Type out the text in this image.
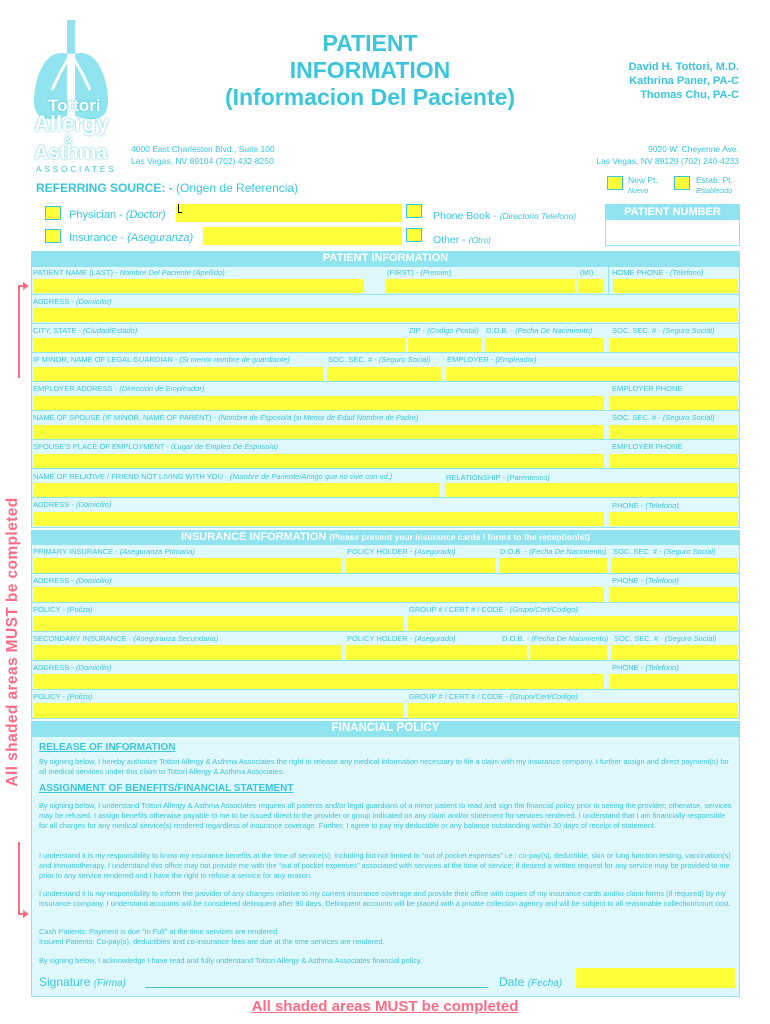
Tottori
Allergy
&
Asthma
ASSOCIATES
PATIENT
INFORMATION
(Informacion Del Paciente)
David H. Tottori, M.D.
Kathrina Paner, PA-C
Thomas Chu, PA-C
4000 East Charleston Blvd., Suite 100
Las Vegas, NV 89104 (702) 432-8250
9020 W. Cheyenne Ave.
Las Vegas, NV 89129 (702) 240-4233
REFERRING SOURCE: - (Origen de Referencia)
New Pt.
Nuevo
Estab. Pt.
Establecido
Physician - (Doctor)
Insurance - (Aseguranza)
Phone Book - (Directorio Telefono)
Other - (Otro)
PATIENT NUMBER
PATIENT INFORMATION
PATIENT NAME (LAST) - Nombre Del Paciente (Apellido)	(FIRST) - (Premier)	(MI) HOME PHONE - (Telefono)
ADDRESS - (Domicilio)
CITY, STATE - (Ciudad/Estado)	ZIP - (Codigo Postal) D.O.B. - (Fecha De Nacimiento)	SOC. SEC. # - (Seguro Social)
IF MINOR, NAME OF LEGAL GUARDIAN - (Si menor nombre de guardiante)	SOC. SEC. # - (Seguro Social) EMPLOYER - (Empleador)
EMPLOYER ADDRESS - (Direccion de Empleador)	EMPLOYER PHONE
NAME OF SPOUSE (IF MINOR, NAME OF PARENT) - (Nombre de Esposo/a (si Menor de Edad Nombre de Padre)	SOC. SEC. # - (Seguro Social)
SPOUSE'S PLACE OF EMPLOYMENT - (Lugar de Empleo De Esposo/a)	EMPLOYER PHONE
NAME OF RELATIVE / FRIEND NOT LIVING WITH YOU - (Nombre de Pariente/Amigo que no vive con ud.)	RELATIONSHIP - (Parentesco)
ADDRESS - (Domicilio)	PHONE - (Telefono)
INSURANCE INFORMATION (Please present your insurance cards / forms to the receptionist)
PRIMARY INSURANCE - (Aseguranza Primaria)	POLICY HOLDER - (Asegurado)	D.O.B. - (Fecha De Nacimiento) SOC. SEC. # - (Seguro Social)
ADDRESS - (Domicilio)	PHONE - (Telefono)
POLICY - (Poliza)	GROUP # / CERT # / CODE - (Grupo/Cert/Codigo)
SECONDARY INSURANCE - (Aseguranza Secundaria)	POLICY HOLDER - (Asegurado)	D.O.B. - (Fecha De Nacimiento) SOC. SEC. # - (Seguro Social)
ADDRESS - (Domicilio)	PHONE - (Telefono)
POLICY - (Poliza)	GROUP # / CERT # / CODE - (Grupo/Cert/Codigo)
FINANCIAL POLICY
RELEASE OF INFORMATION
By signing below, I hereby authorize Tottori Allergy & Asthma Associates the right to release any medical information necessary to file a claim with my insurance company. I further assign and direct payment(s) for all medical services under this claim to Tottori Allergy & Asthma Associates.
ASSIGNMENT OF BENEFITS/FINANCIAL STATEMENT
By signing below, I understand Tottori Allergy & Asthma Associates requires all patients and/or legal guardians of a minor patient to read and sign the financial policy prior to seeing the provider; otherwise, services may be refused. I assign benefits otherwise payable to me to be issued direct to the provider or group indicated on any claim and/or statement for services rendered. I understand that I am financially responsible for all charges for any medical service(s) rendered regardless of insurance coverage. Further, I agree to pay my deductible or any balance outstanding within 30 days of receipt of statement.
I understand it is my responsibility to know my insurance benefits at the time of service(s), including but not limited to “out of pocket expenses” i.e.: co-pay(s), deductible, skin or lung function testing, vaccination(s) and immunotherapy. I understand this office may not provide me with the “out of pocket expenses” associated with services at the time of service; if desired a written request for any service may be provided to me prior to any service rendered and I have the right to refuse a service for any reason.
I understand it is my responsibility to inform the provider of any changes relative to my current insurance coverage and provide their office with copies of my insurance cards and/or claim forms (if required) by my insurance company. I understand accounts will be considered delinquent after 90 days. Delinquent accounts will be placed with a private collection agency and will be subject to all reasonable collection/court cost.
Cash Patients: Payment is due “In Full” at the time services are rendered.
Insured Patients: Co-pay(s), deductibles and co-insurance fees are due at the time services are rendered.
By signing below, I acknowledge I have read and fully understand Tottori Allergy & Asthma Associates financial policy.
Signature (Firma)	Date (Fecha)
All shaded areas MUST be completed
All shaded areas MUST be completed
